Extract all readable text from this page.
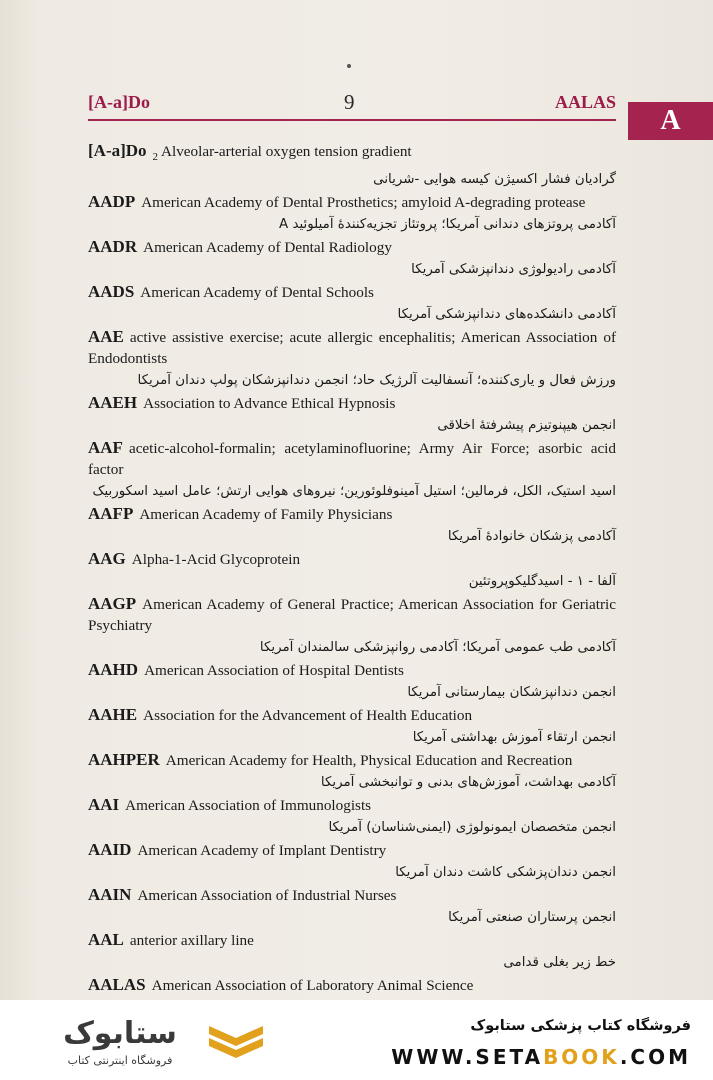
[A-a]Do	9	AALAS
A

[A-a]Do $_2$ Alveolar-arterial oxygen tension gradient

گرادیان فشار اکسیژن کیسه هوایی -شریانی

AADP American Academy of Dental Prosthetics; amyloid A-degrading protease

آکادمی پروتزهای دندانی آمریکا؛ پروتئاز تجزیه‌کنندهٔ آمیلوئید A

AADR American Academy of Dental Radiology

آکادمی رادیولوژی دندانپزشکی آمریکا

AADS American Academy of Dental Schools

آکادمی دانشکده‌های دندانپزشکی آمریکا

AAE active assistive exercise; acute allergic encephalitis; American Association of Endodontists

ورزش فعال و یاری‌کننده؛ آنسفالیت آلرژیک حاد؛ انجمن دندانپزشکان پولپ دندان آمریکا

AAEH Association to Advance Ethical Hypnosis

انجمن هیپنوتیزم پیشرفتهٔ اخلاقی

AAF acetic-alcohol-formalin; acetylaminofluorine; Army Air Force; asorbic acid factor

اسید استیک، الکل، فرمالین؛ استیل آمینوفلوئورین؛ نیروهای هوایی ارتش؛ عامل اسید اسکوربیک

AAFP American Academy of Family Physicians

آکادمی پزشکان خانوادهٔ آمریکا

AAG Alpha-1-Acid Glycoprotein

آلفا - ۱ - اسیدگلیکوپروتئین

AAGP American Academy of General Practice; American Association for Geriatric Psychiatry

آکادمی طب عمومی آمریکا؛ آکادمی روانپزشکی سالمندان آمریکا

AAHD American Association of Hospital Dentists

انجمن دندانپزشکان بیمارستانی آمریکا

AAHE Association for the Advancement of Health Education

انجمن ارتقاء آموزش بهداشتی آمریکا

AAHPER American Academy for Health, Physical Education and Recreation

آکادمی بهداشت، آموزش‌های بدنی و توانبخشی آمریکا

AAI American Association of Immunologists

انجمن متخصصان ایمونولوژی (ایمنی‌شناسان) آمریکا

AAID American Academy of Implant Dentistry

انجمن دندان‌پزشکی کاشت دندان آمریکا

AAIN American Association of Industrial Nurses

انجمن پرستاران صنعتی آمریکا

AAL anterior axillary line

خط زیر بغلی قدامی

AALAS American Association of Laboratory Animal Science

ستابوک
فروشگاه اینترنتی کتاب
فروشگاه کتاب پزشکی ستابوک
WWW.SETABOOK.COM
